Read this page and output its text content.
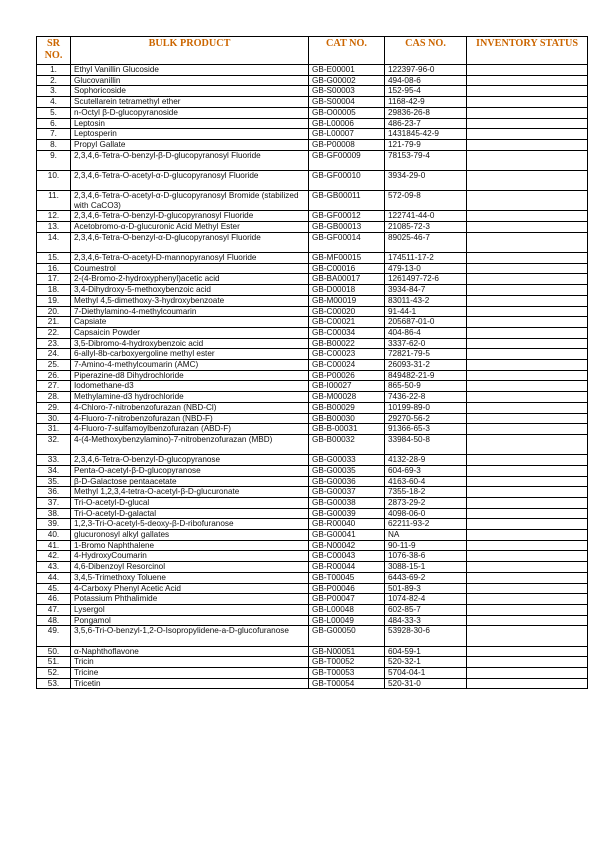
SR NO.	BULK PRODUCT	CAT NO.	CAS NO.	INVENTORY STATUS
1.	Ethyl Vanillin Glucoside	GB-E00001	122397-96-0	
2.	Glucovanillin	GB-G00002	494-08-6	
3.	Sophoricoside	GB-S00003	152-95-4	
4.	Scutellarein tetramethyl ether	GB-S00004	1168-42-9	
5.	n-Octyl β-D-glucopyranoside	GB-O00005	29836-26-8	
6.	Leptosin	GB-L00006	486-23-7	
7.	Leptosperin	GB-L00007	1431845-42-9	
8.	Propyl Gallate	GB-P00008	121-79-9	
9.	2,3,4,6-Tetra-O-benzyl-β-D-glucopyranosyl Fluoride	GB-GF00009	78153-79-4	
10.	2,3,4,6-Tetra-O-acetyl-α-D-glucopyranosyl Fluoride	GB-GF00010	3934-29-0	
11.	2,3,4,6-Tetra-O-acetyl-α-D-glucopyranosyl Bromide (stabilized with CaCO3)	GB-GB00011	572-09-8	
12.	2,3,4,6-Tetra-O-benzyl-D-glucopyranosyl Fluoride	GB-GF00012	122741-44-0	
13.	Acetobromo-α-D-glucuronic Acid Methyl Ester	GB-GB00013	21085-72-3	
14.	2,3,4,6-Tetra-O-benzyl-α-D-glucopyranosyl Fluoride	GB-GF00014	89025-46-7	
15.	2,3,4,6-Tetra-O-acetyl-D-mannopyranosyl Fluoride	GB-MF00015	174511-17-2	
16.	Coumestrol	GB-C00016	479-13-0	
17.	2-(4-Bromo-2-hydroxyphenyl)acetic acid	GB-BA00017	1261497-72-6	
18.	3,4-Dihydroxy-5-methoxybenzoic acid	GB-D00018	3934-84-7	
19.	Methyl 4,5-dimethoxy-3-hydroxybenzoate	GB-M00019	83011-43-2	
20.	7-Diethylamino-4-methylcoumarin	GB-C00020	91-44-1	
21.	Capsiate	GB-C00021	205687-01-0	
22.	Capsaicin Powder	GB-C00034	404-86-4	
23.	3,5-Dibromo-4-hydroxybenzoic acid	GB-B00022	3337-62-0	
24.	6-allyl-8b-carboxyergoline methyl ester	GB-C00023	72821-79-5	
25.	7-Amino-4-methylcoumarin (AMC)	GB-C00024	26093-31-2	
26.	Piperazine-d8 Dihydrochloride	GB-P00026	849482-21-9	
27.	Iodomethane-d3	GB-I00027	865-50-9	
28.	Methylamine-d3 hydrochloride	GB-M00028	7436-22-8	
29.	4-Chloro-7-nitrobenzofurazan (NBD-Cl)	GB-B00029	10199-89-0	
30.	4-Fluoro-7-nitrobenzofurazan (NBD-F)	GB-B00030	29270-56-2	
31.	4-Fluoro-7-sulfamoylbenzofurazan (ABD-F)	GB-B-00031	91366-65-3	
32.	4-(4-Methoxybenzylamino)-7-nitrobenzofurazan (MBD)	GB-B00032	33984-50-8	
33.	2,3,4,6-Tetra-O-benzyl-D-glucopyranose	GB-G00033	4132-28-9	
34.	Penta-O-acetyl-β-D-glucopyranose	GB-G00035	604-69-3	
35.	β-D-Galactose pentaacetate	GB-G00036	4163-60-4	
36.	Methyl 1,2,3,4-tetra-O-acetyl-β-D-glucuronate	GB-G00037	7355-18-2	
37.	Tri-O-acetyl-D-glucal	GB-G00038	2873-29-2	
38.	Tri-O-acetyl-D-galactal	GB-G00039	4098-06-0	
39.	1,2,3-Tri-O-acetyl-5-deoxy-β-D-ribofuranose	GB-R00040	62211-93-2	
40.	glucuronosyl alkyl gallates	GB-G00041	NA	
41.	1-Bromo Naphthalene	GB-N00042	90-11-9	
42.	4-HydroxyCoumarin	GB-C00043	1076-38-6	
43.	4,6-Dibenzoyl Resorcinol	GB-R00044	3088-15-1	
44.	3,4,5-Trimethoxy Toluene	GB-T00045	6443-69-2	
45.	4-Carboxy Phenyl Acetic Acid	GB-P00046	501-89-3	
46.	Potassium Phthalimide	GB-P00047	1074-82-4	
47.	Lysergol	GB-L00048	602-85-7	
48.	Pongamol	GB-L00049	484-33-3	
49.	3,5,6-Tri-O-benzyl-1,2-O-Isopropylidene-a-D-glucofuranose	GB-G00050	53928-30-6	
50.	α-Naphthoflavone	GB-N00051	604-59-1	
51.	Tricin	GB-T00052	520-32-1	
52.	Tricine	GB-T00053	5704-04-1	
53.	Tricetin	GB-T00054	520-31-0	
